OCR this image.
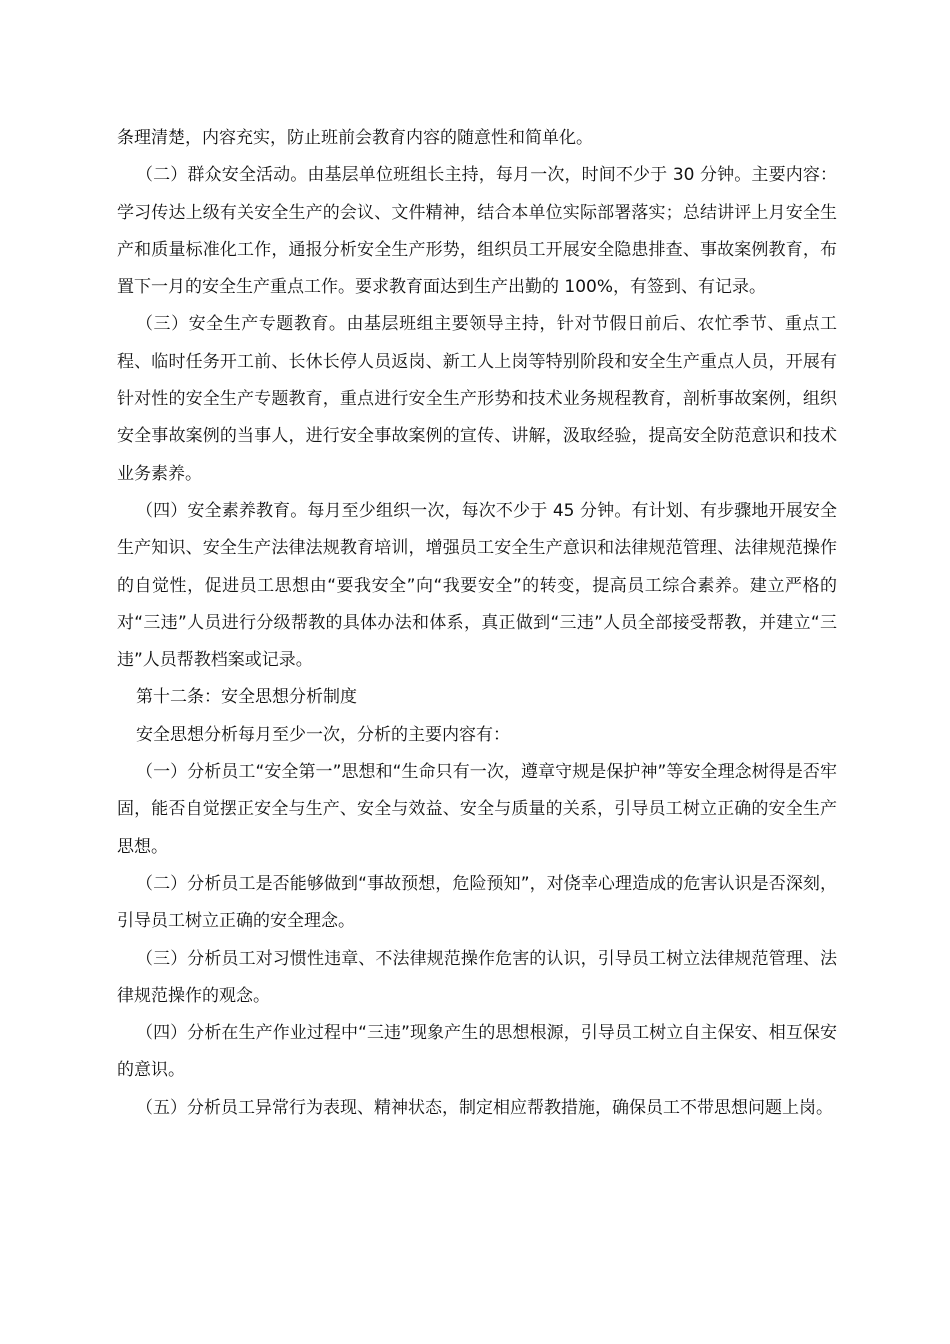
条理清楚，内容充实，防止班前会教育内容的随意性和简单化。

（二）群众安全活动。由基层单位班组长主持，每月一次，时间不少于 30 分钟。主要内容：学习传达上级有关安全生产的会议、文件精神，结合本单位实际部署落实；总结讲评上月安全生产和质量标准化工作，通报分析安全生产形势，组织员工开展安全隐患排查、事故案例教育，布置下一月的安全生产重点工作。要求教育面达到生产出勤的 100%，有签到、有记录。

（三）安全生产专题教育。由基层班组主要领导主持，针对节假日前后、农忙季节、重点工程、临时任务开工前、长休长停人员返岗、新工人上岗等特别阶段和安全生产重点人员，开展有针对性的安全生产专题教育，重点进行安全生产形势和技术业务规程教育，剖析事故案例，组织安全事故案例的当事人，进行安全事故案例的宣传、讲解，汲取经验，提高安全防范意识和技术业务素养。

（四）安全素养教育。每月至少组织一次，每次不少于 45 分钟。有计划、有步骤地开展安全生产知识、安全生产法律法规教育培训，增强员工安全生产意识和法律规范管理、法律规范操作的自觉性，促进员工思想由“要我安全”向“我要安全”的转变，提高员工综合素养。建立严格的对“三违”人员进行分级帮教的具体办法和体系，真正做到“三违”人员全部接受帮教，并建立“三违”人员帮教档案或记录。

第十二条：安全思想分析制度

安全思想分析每月至少一次，分析的主要内容有：

（一）分析员工“安全第一”思想和“生命只有一次，遵章守规是保护神”等安全理念树得是否牢固，能否自觉摆正安全与生产、安全与效益、安全与质量的关系，引导员工树立正确的安全生产思想。

（二）分析员工是否能够做到“事故预想，危险预知”，对侥幸心理造成的危害认识是否深刻，引导员工树立正确的安全理念。

（三）分析员工对习惯性违章、不法律规范操作危害的认识，引导员工树立法律规范管理、法律规范操作的观念。

（四）分析在生产作业过程中“三违”现象产生的思想根源，引导员工树立自主保安、相互保安的意识。

（五）分析员工异常行为表现、精神状态，制定相应帮教措施，确保员工不带思想问题上岗。
